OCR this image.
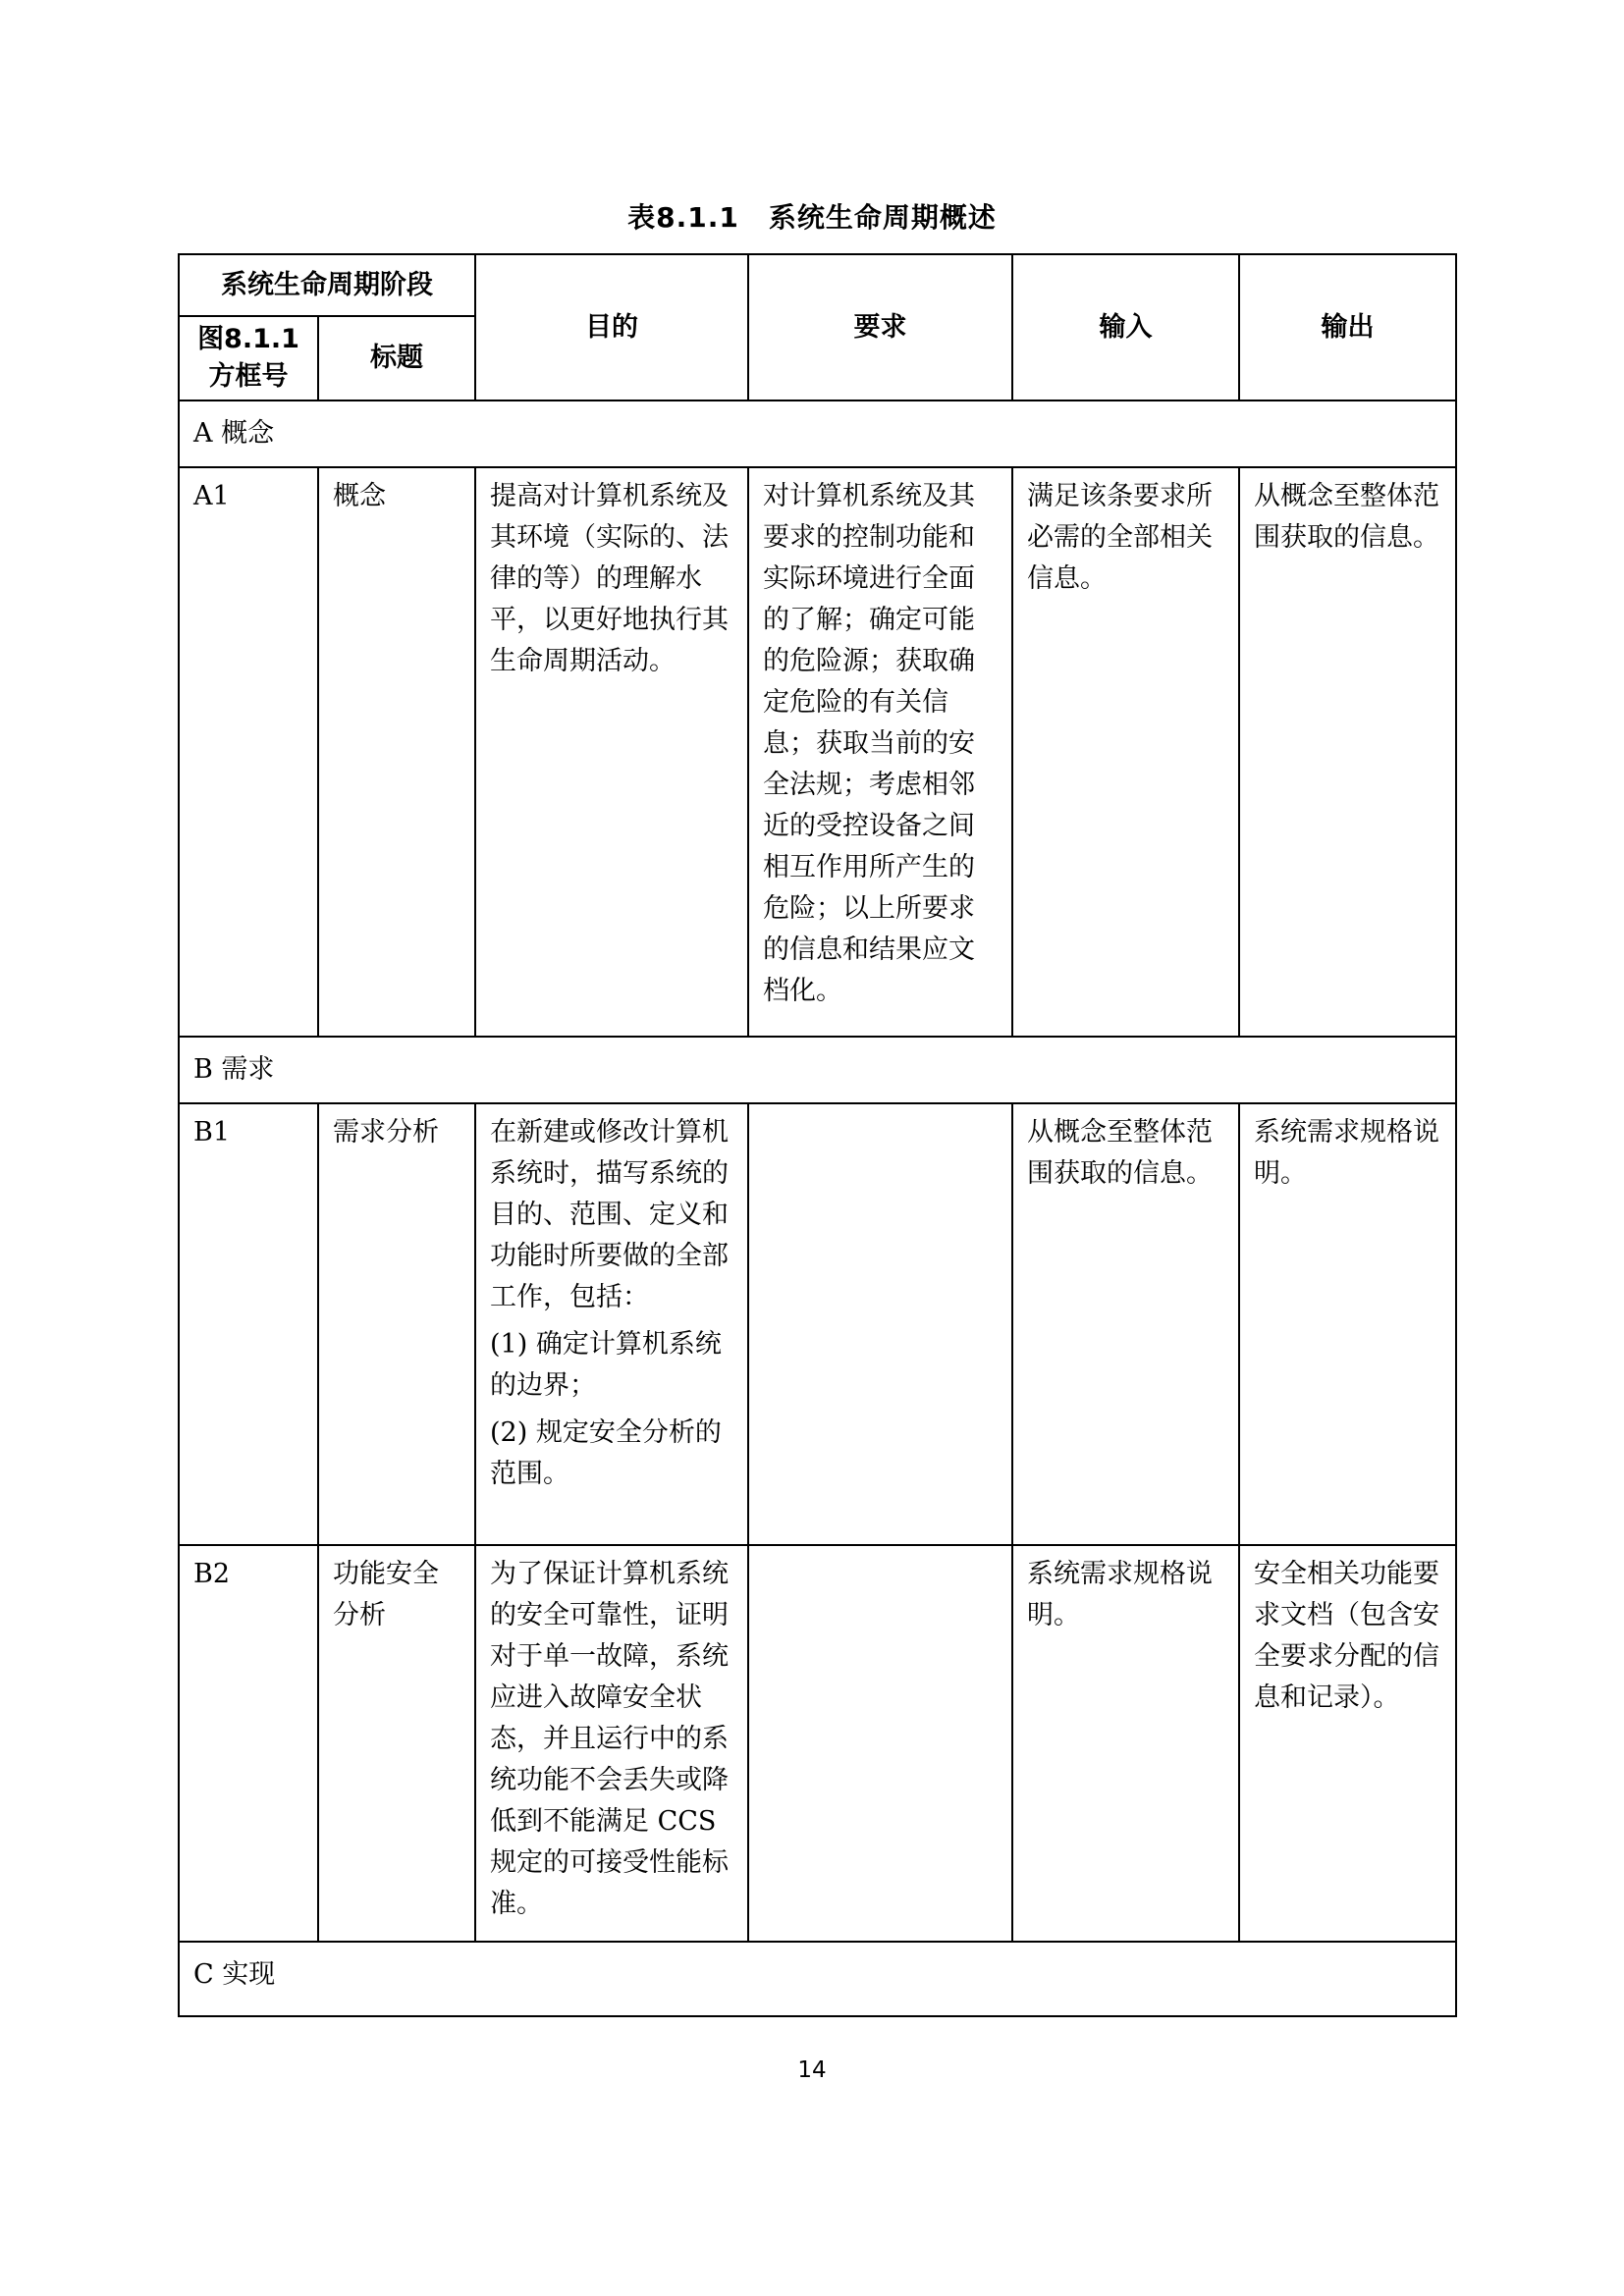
表8.1.1 系统生命周期概述
系统生命周期阶段		目的	要求	输入	输出
图8.1.1方框号	标题				
A 概念					
A1	概念	提高对计算机系统及其环境（实际的、法律的等）的理解水平，以更好地执行其生命周期活动。	对计算机系统及其要求的控制功能和实际环境进行全面的了解；确定可能的危险源；获取确定危险的有关信息；获取当前的安全法规；考虑相邻近的受控设备之间相互作用所产生的危险；以上所要求的信息和结果应文档化。	满足该条要求所必需的全部相关信息。	从概念至整体范围获取的信息。
B 需求					
B1	需求分析	在新建或修改计算机系统时，描写系统的目的、范围、定义和功能时所要做的全部工作，包括：
(1) 确定计算机系统的边界；
(2) 规定安全分析的范围。		从概念至整体范围获取的信息。	系统需求规格说明。
B2	功能安全分析	为了保证计算机系统的安全可靠性，证明对于单一故障，系统应进入故障安全状态，并且运行中的系统功能不会丢失或降低到不能满足 CCS 规定的可接受性能标准。		系统需求规格说明。	安全相关功能要求文档（包含安全要求分配的信息和记录）。
C 实现					
14
